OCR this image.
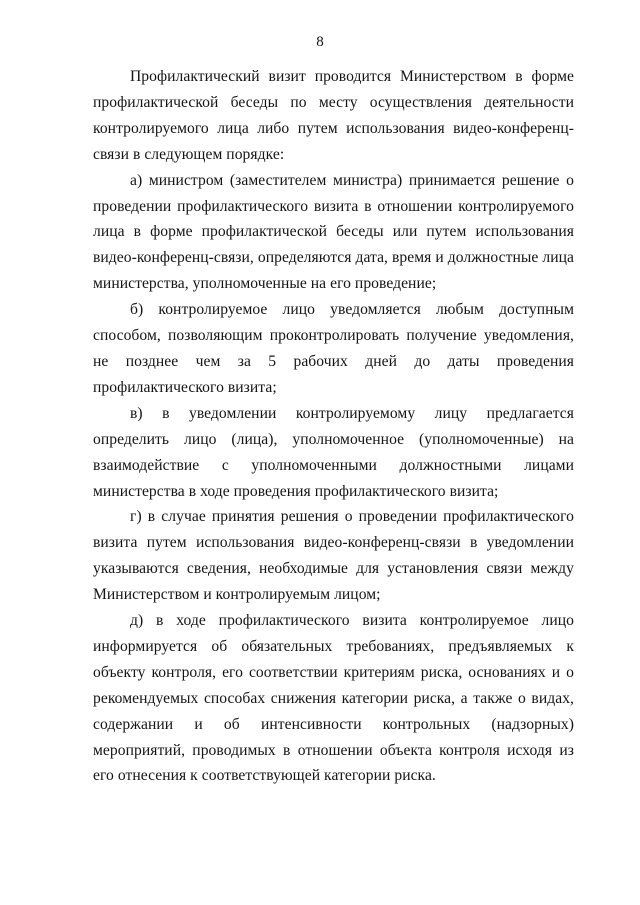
8

Профилактический визит проводится Министерством в форме профилактической беседы по месту осуществления деятельности контролируемого лица либо путем использования видео-конференц-связи в следующем порядке:

а) министром (заместителем министра) принимается решение о проведении профилактического визита в отношении контролируемого лица в форме профилактической беседы или путем использования видео-конференц-связи, определяются дата, время и должностные лица министерства, уполномоченные на его проведение;

б) контролируемое лицо уведомляется любым доступным способом, позволяющим проконтролировать получение уведомления, не позднее чем за 5 рабочих дней до даты проведения профилактического визита;

в) в уведомлении контролируемому лицу предлагается определить лицо (лица), уполномоченное (уполномоченные) на взаимодействие с уполномоченными должностными лицами министерства в ходе проведения профилактического визита;

г) в случае принятия решения о проведении профилактического визита путем использования видео-конференц-связи в уведомлении указываются сведения, необходимые для установления связи между Министерством и контролируемым лицом;

д) в ходе профилактического визита контролируемое лицо информируется об обязательных требованиях, предъявляемых к объекту контроля, его соответствии критериям риска, основаниях и о рекомендуемых способах снижения категории риска, а также о видах, содержании и об интенсивности контрольных (надзорных) мероприятий, проводимых в отношении объекта контроля исходя из его отнесения к соответствующей категории риска.
